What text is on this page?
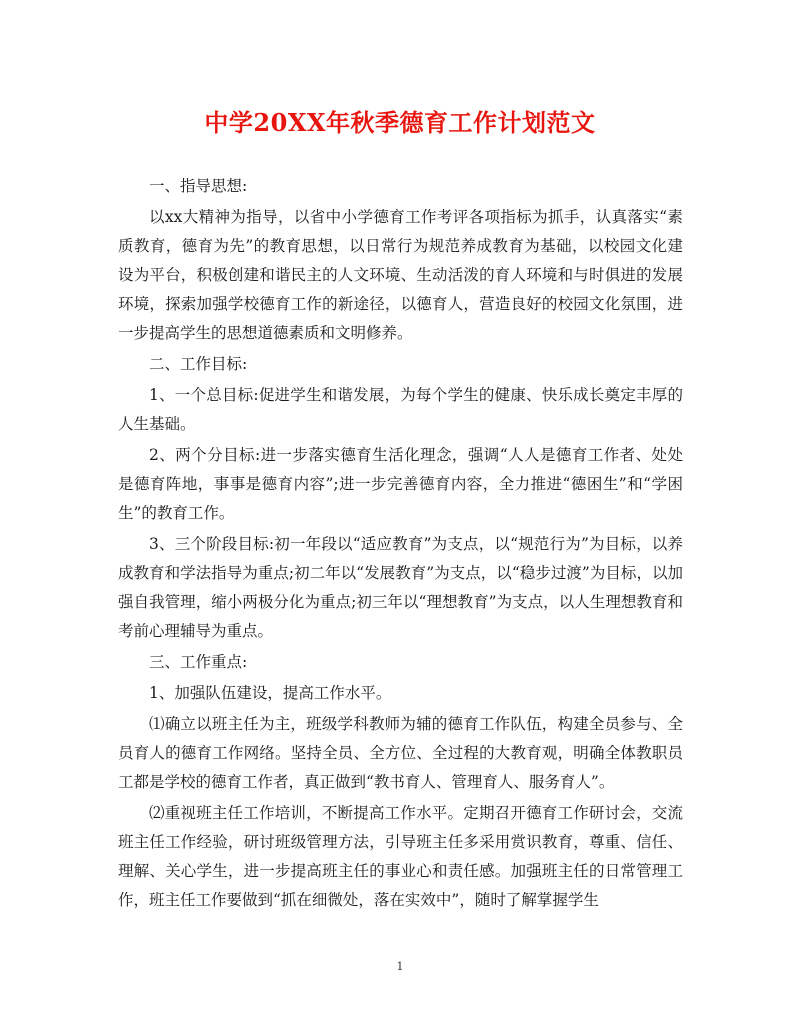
中学20XX年秋季德育工作计划范文

一、指导思想:

以xx大精神为指导，以省中小学德育工作考评各项指标为抓手，认真落实“素质教育，德育为先”的教育思想，以日常行为规范养成教育为基础，以校园文化建设为平台，积极创建和谐民主的人文环境、生动活泼的育人环境和与时俱进的发展环境，探索加强学校德育工作的新途径，以德育人，营造良好的校园文化氛围，进一步提高学生的思想道德素质和文明修养。

二、工作目标:

1、一个总目标:促进学生和谐发展，为每个学生的健康、快乐成长奠定丰厚的人生基础。

2、两个分目标:进一步落实德育生活化理念，强调“人人是德育工作者、处处是德育阵地，事事是德育内容”;进一步完善德育内容，全力推进“德困生”和“学困生”的教育工作。

3、三个阶段目标:初一年段以“适应教育”为支点，以“规范行为”为目标，以养成教育和学法指导为重点;初二年以“发展教育”为支点，以“稳步过渡”为目标，以加强自我管理，缩小两极分化为重点;初三年以“理想教育”为支点，以人生理想教育和考前心理辅导为重点。

三、工作重点:

1、加强队伍建设，提高工作水平。

⑴确立以班主任为主，班级学科教师为辅的德育工作队伍，构建全员参与、全员育人的德育工作网络。坚持全员、全方位、全过程的大教育观，明确全体教职员工都是学校的德育工作者，真正做到“教书育人、管理育人、服务育人”。

⑵重视班主任工作培训，不断提高工作水平。定期召开德育工作研讨会，交流班主任工作经验，研讨班级管理方法，引导班主任多采用赏识教育，尊重、信任、理解、关心学生，进一步提高班主任的事业心和责任感。加强班主任的日常管理工作，班主任工作要做到“抓在细微处，落在实效中”，随时了解掌握学生

1
